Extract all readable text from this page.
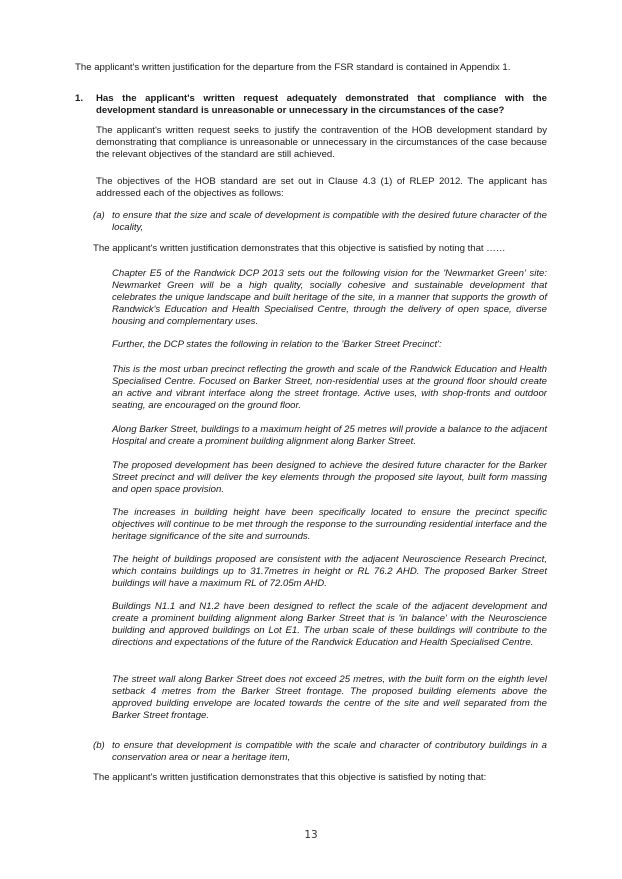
The applicant's written justification for the departure from the FSR standard is contained in Appendix 1.

1. Has the applicant's written request adequately demonstrated that compliance with the development standard is unreasonable or unnecessary in the circumstances of the case?

The applicant's written request seeks to justify the contravention of the HOB development standard by demonstrating that compliance is unreasonable or unnecessary in the circumstances of the case because the relevant objectives of the standard are still achieved.

The objectives of the HOB standard are set out in Clause 4.3 (1) of RLEP 2012. The applicant has addressed each of the objectives as follows:

(a) to ensure that the size and scale of development is compatible with the desired future character of the locality,

The applicant's written justification demonstrates that this objective is satisfied by noting that ……

Chapter E5 of the Randwick DCP 2013 sets out the following vision for the 'Newmarket Green' site: Newmarket Green will be a high quality, socially cohesive and sustainable development that celebrates the unique landscape and built heritage of the site, in a manner that supports the growth of Randwick's Education and Health Specialised Centre, through the delivery of open space, diverse housing and complementary uses.

Further, the DCP states the following in relation to the 'Barker Street Precinct':

This is the most urban precinct reflecting the growth and scale of the Randwick Education and Health Specialised Centre. Focused on Barker Street, non-residential uses at the ground floor should create an active and vibrant interface along the street frontage. Active uses, with shop-fronts and outdoor seating, are encouraged on the ground floor.

Along Barker Street, buildings to a maximum height of 25 metres will provide a balance to the adjacent Hospital and create a prominent building alignment along Barker Street.

The proposed development has been designed to achieve the desired future character for the Barker Street precinct and will deliver the key elements through the proposed site layout, built form massing and open space provision.

The increases in building height have been specifically located to ensure the precinct specific objectives will continue to be met through the response to the surrounding residential interface and the heritage significance of the site and surrounds.

The height of buildings proposed are consistent with the adjacent Neuroscience Research Precinct, which contains buildings up to 31.7metres in height or RL 76.2 AHD. The proposed Barker Street buildings will have a maximum RL of 72.05m AHD.

Buildings N1.1 and N1.2 have been designed to reflect the scale of the adjacent development and create a prominent building alignment along Barker Street that is 'in balance' with the Neuroscience building and approved buildings on Lot E1. The urban scale of these buildings will contribute to the directions and expectations of the future of the Randwick Education and Health Specialised Centre.

The street wall along Barker Street does not exceed 25 metres, with the built form on the eighth level setback 4 metres from the Barker Street frontage. The proposed building elements above the approved building envelope are located towards the centre of the site and well separated from the Barker Street frontage.

(b) to ensure that development is compatible with the scale and character of contributory buildings in a conservation area or near a heritage item,

The applicant's written justification demonstrates that this objective is satisfied by noting that:

13
